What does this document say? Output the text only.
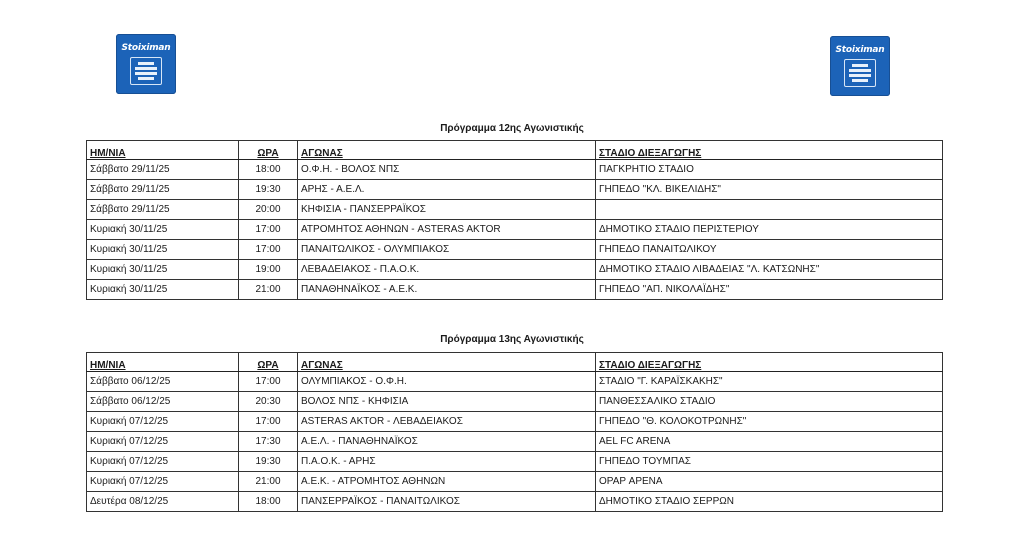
Stoiximan	Stoiximan
Πρόγραμμα 12ης Αγωνιστικής
ΗΜ/ΝΙΑ	ΩΡΑ	ΑΓΩΝΑΣ	ΣΤΑΔΙΟ ΔΙΕΞΑΓΩΓΗΣ
Σάββατο 29/11/25	18:00	Ο.Φ.Η. - ΒΟΛΟΣ ΝΠΣ	ΠΑΓΚΡΗΤΙΟ ΣΤΑΔΙΟ
Σάββατο 29/11/25	19:30	ΑΡΗΣ - Α.Ε.Λ.	ΓΗΠΕΔΟ "ΚΛ. ΒΙΚΕΛΙΔΗΣ"
Σάββατο 29/11/25	20:00	ΚΗΦΙΣΙΑ - ΠΑΝΣΕΡΡΑΪΚΟΣ	
Κυριακή 30/11/25	17:00	ΑΤΡΟΜΗΤΟΣ ΑΘΗΝΩΝ - ASTERAS AKTOR	ΔΗΜΟΤΙΚΟ ΣΤΑΔΙΟ ΠΕΡΙΣΤΕΡΙΟΥ
Κυριακή 30/11/25	17:00	ΠΑΝΑΙΤΩΛΙΚΟΣ - ΟΛΥΜΠΙΑΚΟΣ	ΓΗΠΕΔΟ ΠΑΝΑΙΤΩΛΙΚΟΥ
Κυριακή 30/11/25	19:00	ΛΕΒΑΔΕΙΑΚΟΣ - Π.Α.Ο.Κ.	ΔΗΜΟΤΙΚΟ ΣΤΑΔΙΟ ΛΙΒΑΔΕΙΑΣ "Λ. ΚΑΤΣΩΝΗΣ"
Κυριακή 30/11/25	21:00	ΠΑΝΑΘΗΝΑΪΚΟΣ - Α.Ε.Κ.	ΓΗΠΕΔΟ "ΑΠ. ΝΙΚΟΛΑΪΔΗΣ"
Πρόγραμμα 13ης Αγωνιστικής
ΗΜ/ΝΙΑ	ΩΡΑ	ΑΓΩΝΑΣ	ΣΤΑΔΙΟ ΔΙΕΞΑΓΩΓΗΣ
Σάββατο 06/12/25	17:00	ΟΛΥΜΠΙΑΚΟΣ - Ο.Φ.Η.	ΣΤΑΔΙΟ "Γ. ΚΑΡΑΪΣΚΑΚΗΣ"
Σάββατο 06/12/25	20:30	ΒΟΛΟΣ ΝΠΣ - ΚΗΦΙΣΙΑ	ΠΑΝΘΕΣΣΑΛΙΚΟ ΣΤΑΔΙΟ
Κυριακή 07/12/25	17:00	ASTERAS AKTOR - ΛΕΒΑΔΕΙΑΚΟΣ	ΓΗΠΕΔΟ "Θ. ΚΟΛΟΚΟΤΡΩΝΗΣ"
Κυριακή 07/12/25	17:30	Α.Ε.Λ. - ΠΑΝΑΘΗΝΑΪΚΟΣ	AEL FC ARENA
Κυριακή 07/12/25	19:30	Π.Α.Ο.Κ. - ΑΡΗΣ	ΓΗΠΕΔΟ ΤΟΥΜΠΑΣ
Κυριακή 07/12/25	21:00	Α.Ε.Κ. - ΑΤΡΟΜΗΤΟΣ ΑΘΗΝΩΝ	OPAP ΑΡΕΝΑ
Δευτέρα 08/12/25	18:00	ΠΑΝΣΕΡΡΑΪΚΟΣ - ΠΑΝΑΙΤΩΛΙΚΟΣ	ΔΗΜΟΤΙΚΟ ΣΤΑΔΙΟ ΣΕΡΡΩΝ
